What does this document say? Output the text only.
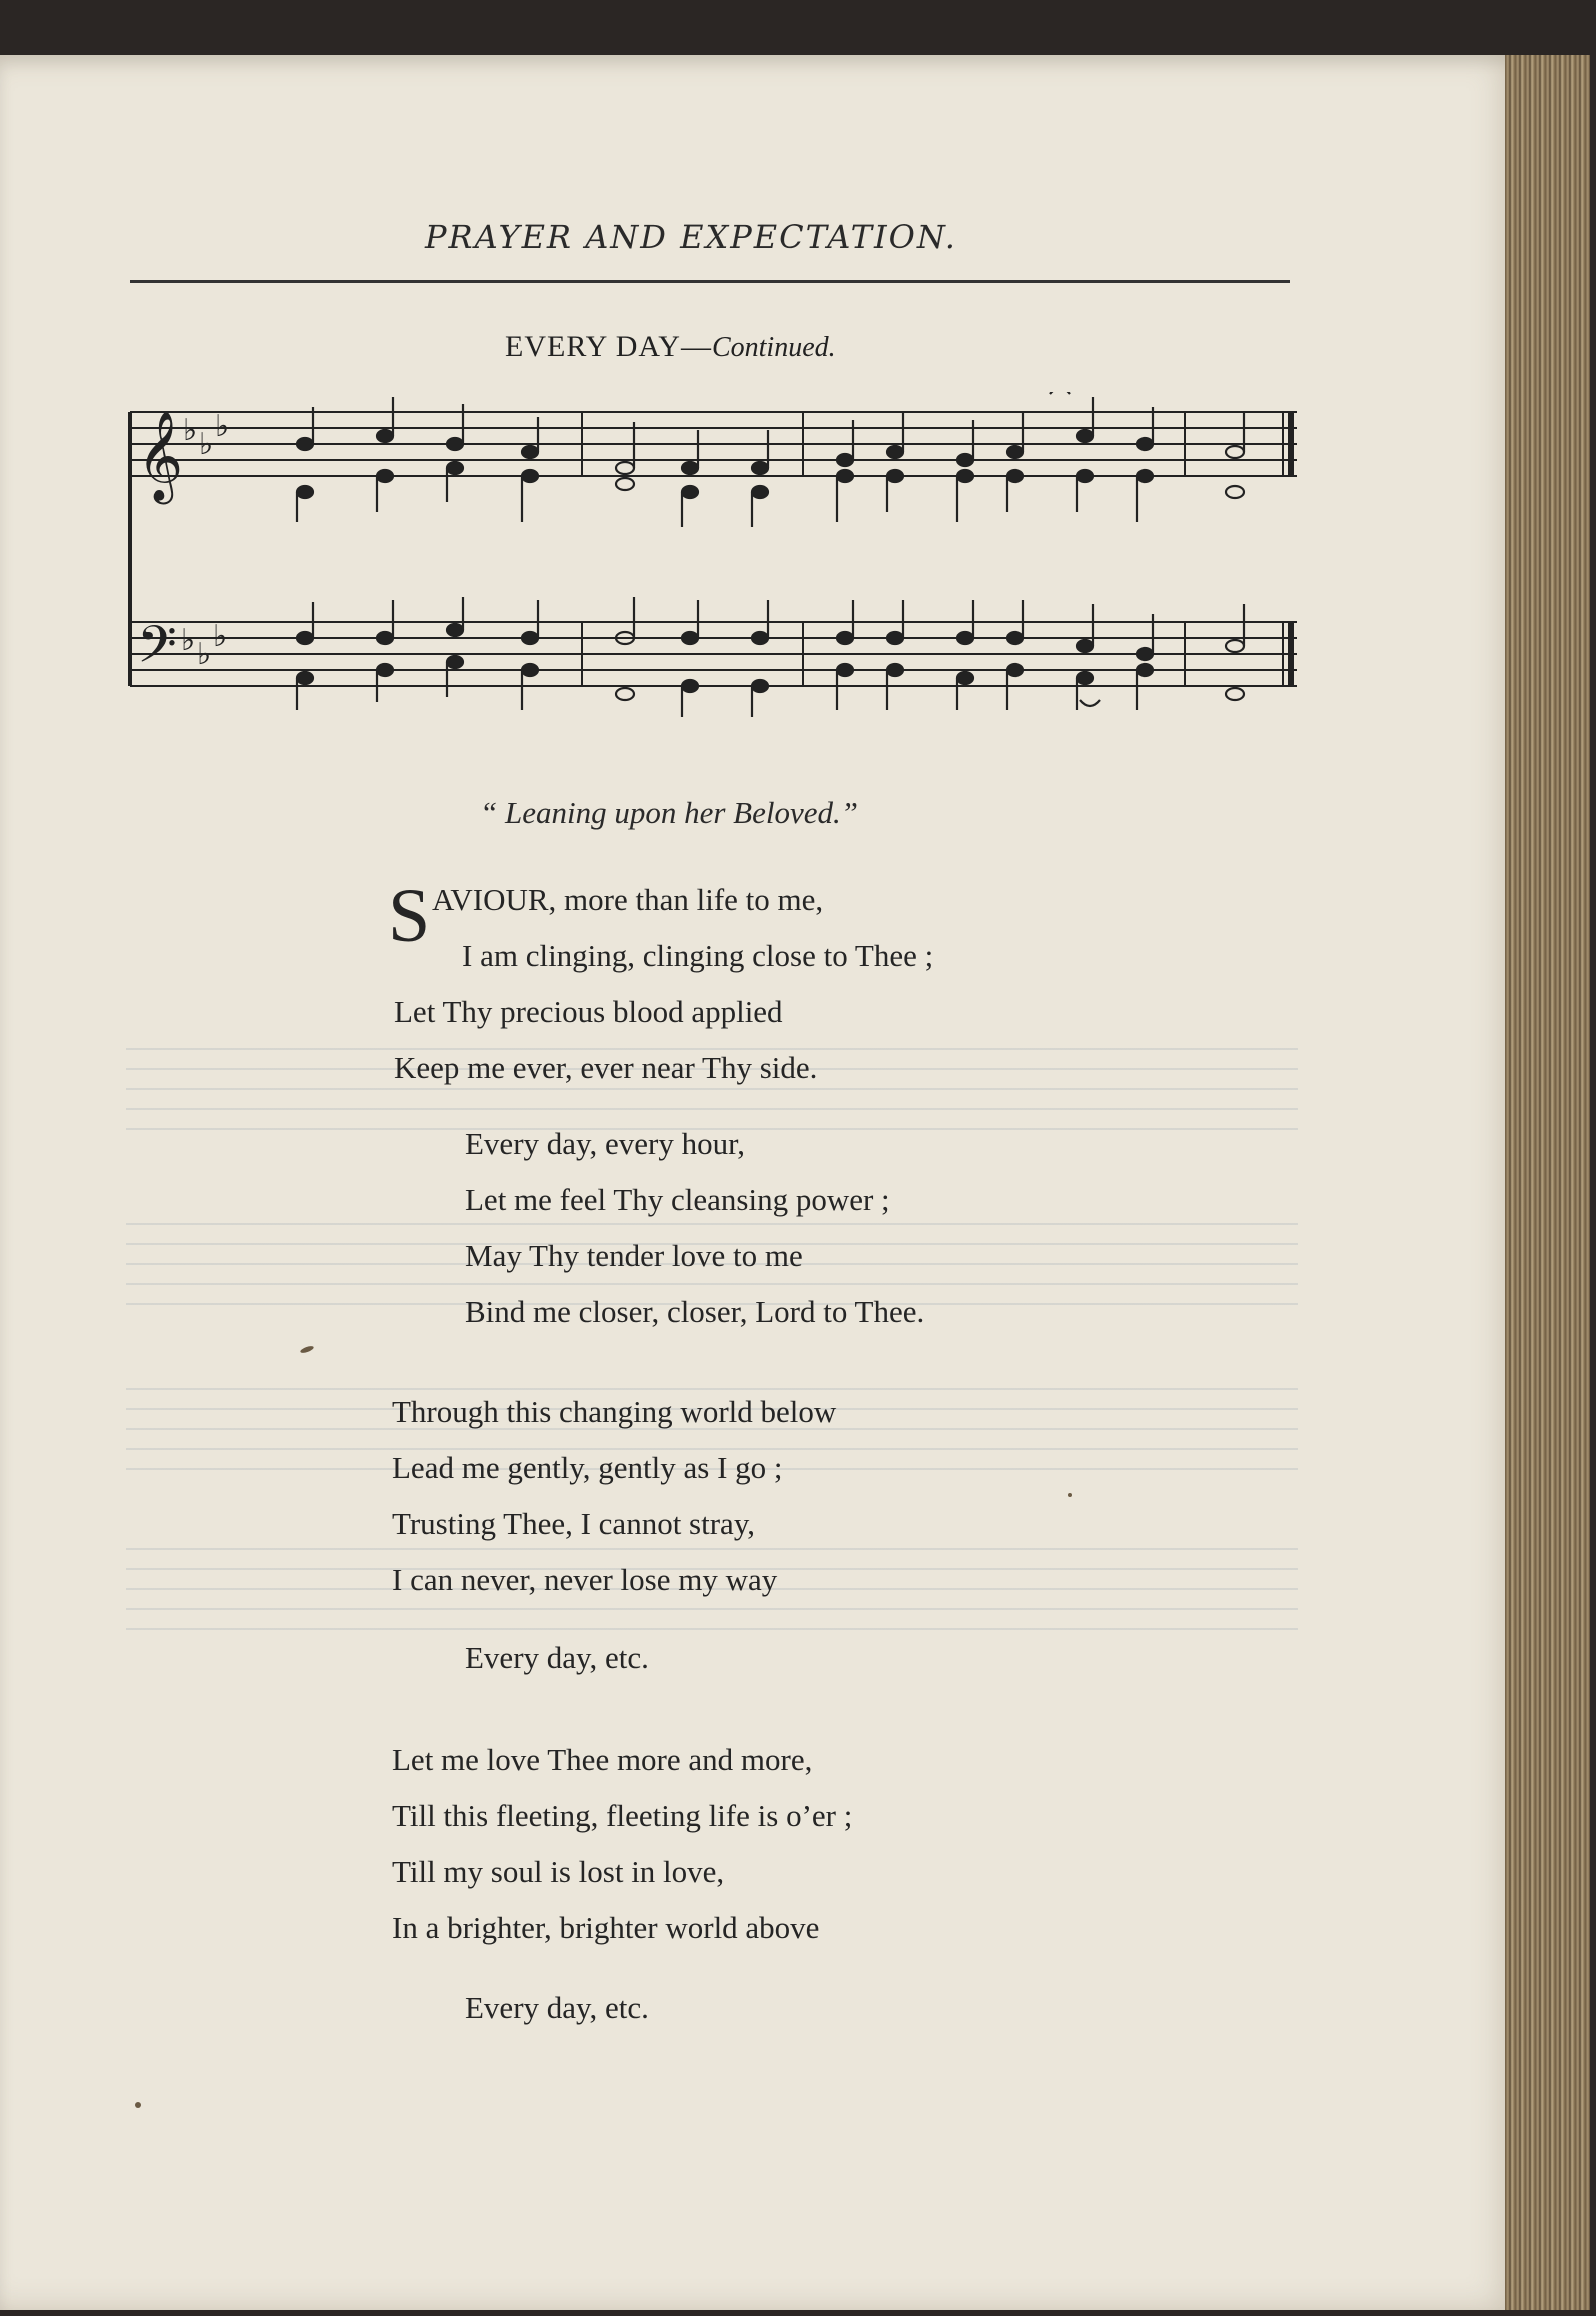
PRAYER AND EXPECTATION.
EVERY DAY—Continued.
𝄞
𝄢
♭ ♭
♭
♭ ♭
♭
“ Leaning upon her Beloved.”
S AVIOUR, more than life to me,
I am clinging, clinging close to Thee ;
Let Thy precious blood applied
Keep me ever, ever near Thy side.
Every day, every hour,
Let me feel Thy cleansing power ;
May Thy tender love to me
Bind me closer, closer, Lord to Thee.
Through this changing world below
Lead me gently, gently as I go ;
Trusting Thee, I cannot stray,
I can never, never lose my way
Every day, etc.
Let me love Thee more and more,
Till this fleeting, fleeting life is o’er ;
Till my soul is lost in love,
In a brighter, brighter world above
Every day, etc.
